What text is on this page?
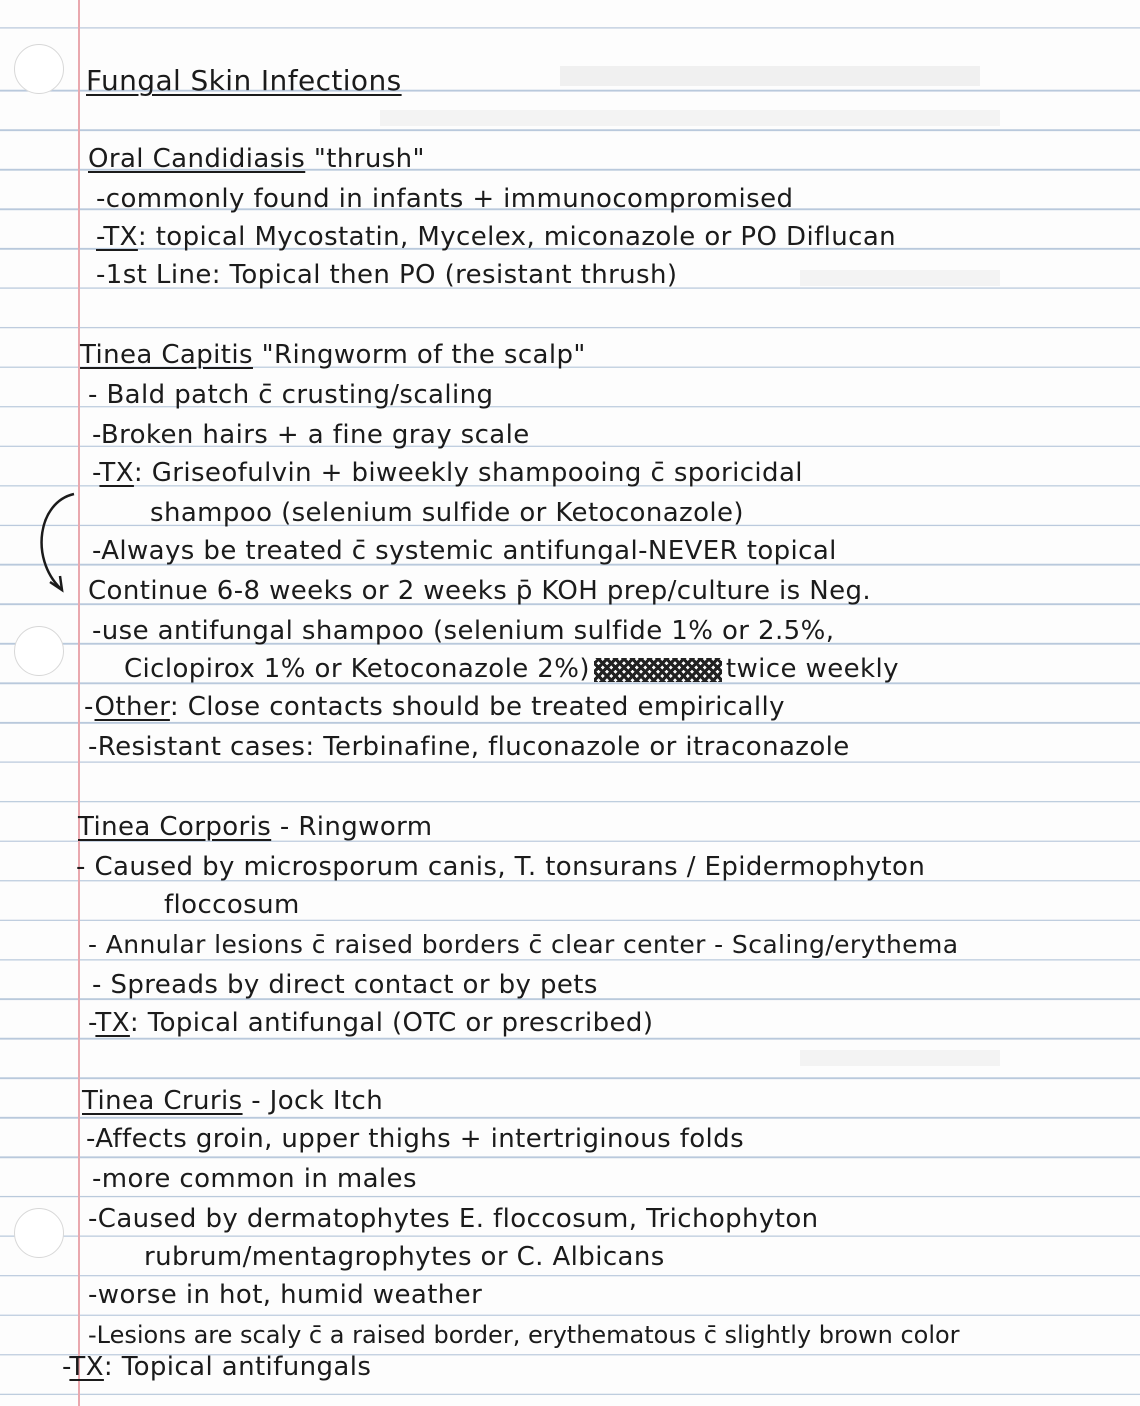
Fungal Skin Infections
Oral Candidiasis "thrush"
-commonly found in infants + immunocompromised
-TX: topical Mycostatin, Mycelex, miconazole or PO Diflucan
-1st Line: Topical then PO (resistant thrush)
Tinea Capitis "Ringworm of the scalp"
- Bald patch c̄ crusting/scaling
-Broken hairs + a fine gray scale
-TX: Griseofulvin + biweekly shampooing c̄ sporicidal
shampoo (selenium sulfide or Ketoconazole)
-Always be treated c̄ systemic antifungal-NEVER topical
Continue 6-8 weeks or 2 weeks p̄ KOH prep/culture is Neg.
-use antifungal shampoo (selenium sulfide 1% or 2.5%,
Ciclopirox 1% or Ketoconazole 2%)	twice weekly
-Other: Close contacts should be treated empirically
-Resistant cases: Terbinafine, fluconazole or itraconazole
Tinea Corporis - Ringworm
- Caused by microsporum canis, T. tonsurans / Epidermophyton
floccosum
- Annular lesions c̄ raised borders c̄ clear center - Scaling/erythema
- Spreads by direct contact or by pets
-TX: Topical antifungal (OTC or prescribed)
Tinea Cruris - Jock Itch
-Affects groin, upper thighs + intertriginous folds
-more common in males
-Caused by dermatophytes E. floccosum, Trichophyton
rubrum/mentagrophytes or C. Albicans
-worse in hot, humid weather
-Lesions are scaly c̄ a raised border, erythematous c̄ slightly brown color
-TX: Topical antifungals
